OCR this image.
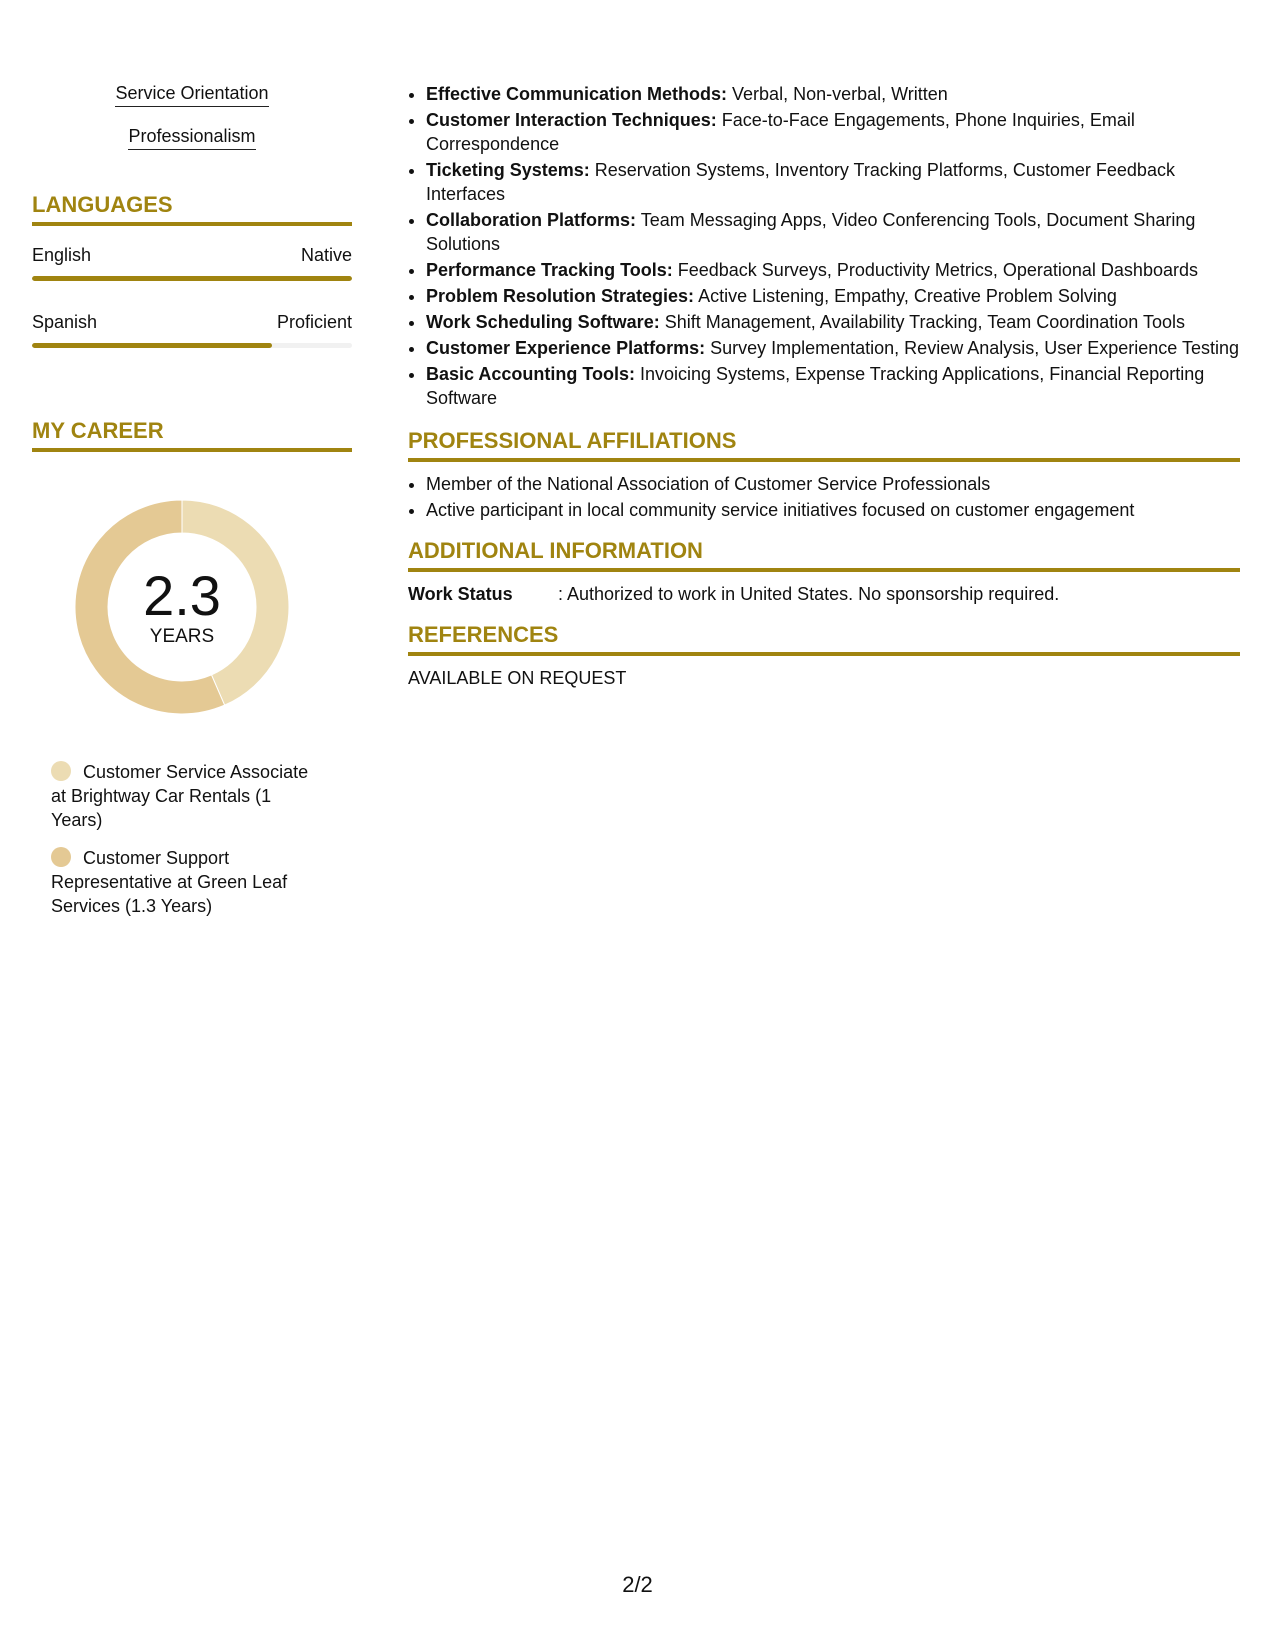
Service Orientation
Professionalism
LANGUAGES
English	Native
Spanish	Proficient
MY CAREER
2.3
YEARS
Customer Service Associate at Brightway Car Rentals (1 Years)
Customer Support Representative at Green Leaf Services (1.3 Years)
• Effective Communication Methods: Verbal, Non-verbal, Written
• Customer Interaction Techniques: Face-to-Face Engagements, Phone Inquiries, Email Correspondence
• Ticketing Systems: Reservation Systems, Inventory Tracking Platforms, Customer Feedback Interfaces
• Collaboration Platforms: Team Messaging Apps, Video Conferencing Tools, Document Sharing Solutions
• Performance Tracking Tools: Feedback Surveys, Productivity Metrics, Operational Dashboards
• Problem Resolution Strategies: Active Listening, Empathy, Creative Problem Solving
• Work Scheduling Software: Shift Management, Availability Tracking, Team Coordination Tools
• Customer Experience Platforms: Survey Implementation, Review Analysis, User Experience Testing
• Basic Accounting Tools: Invoicing Systems, Expense Tracking Applications, Financial Reporting Software
PROFESSIONAL AFFILIATIONS
• Member of the National Association of Customer Service Professionals
• Active participant in local community service initiatives focused on customer engagement
ADDITIONAL INFORMATION
Work Status	: Authorized to work in United States. No sponsorship required.
REFERENCES
AVAILABLE ON REQUEST
2/2
